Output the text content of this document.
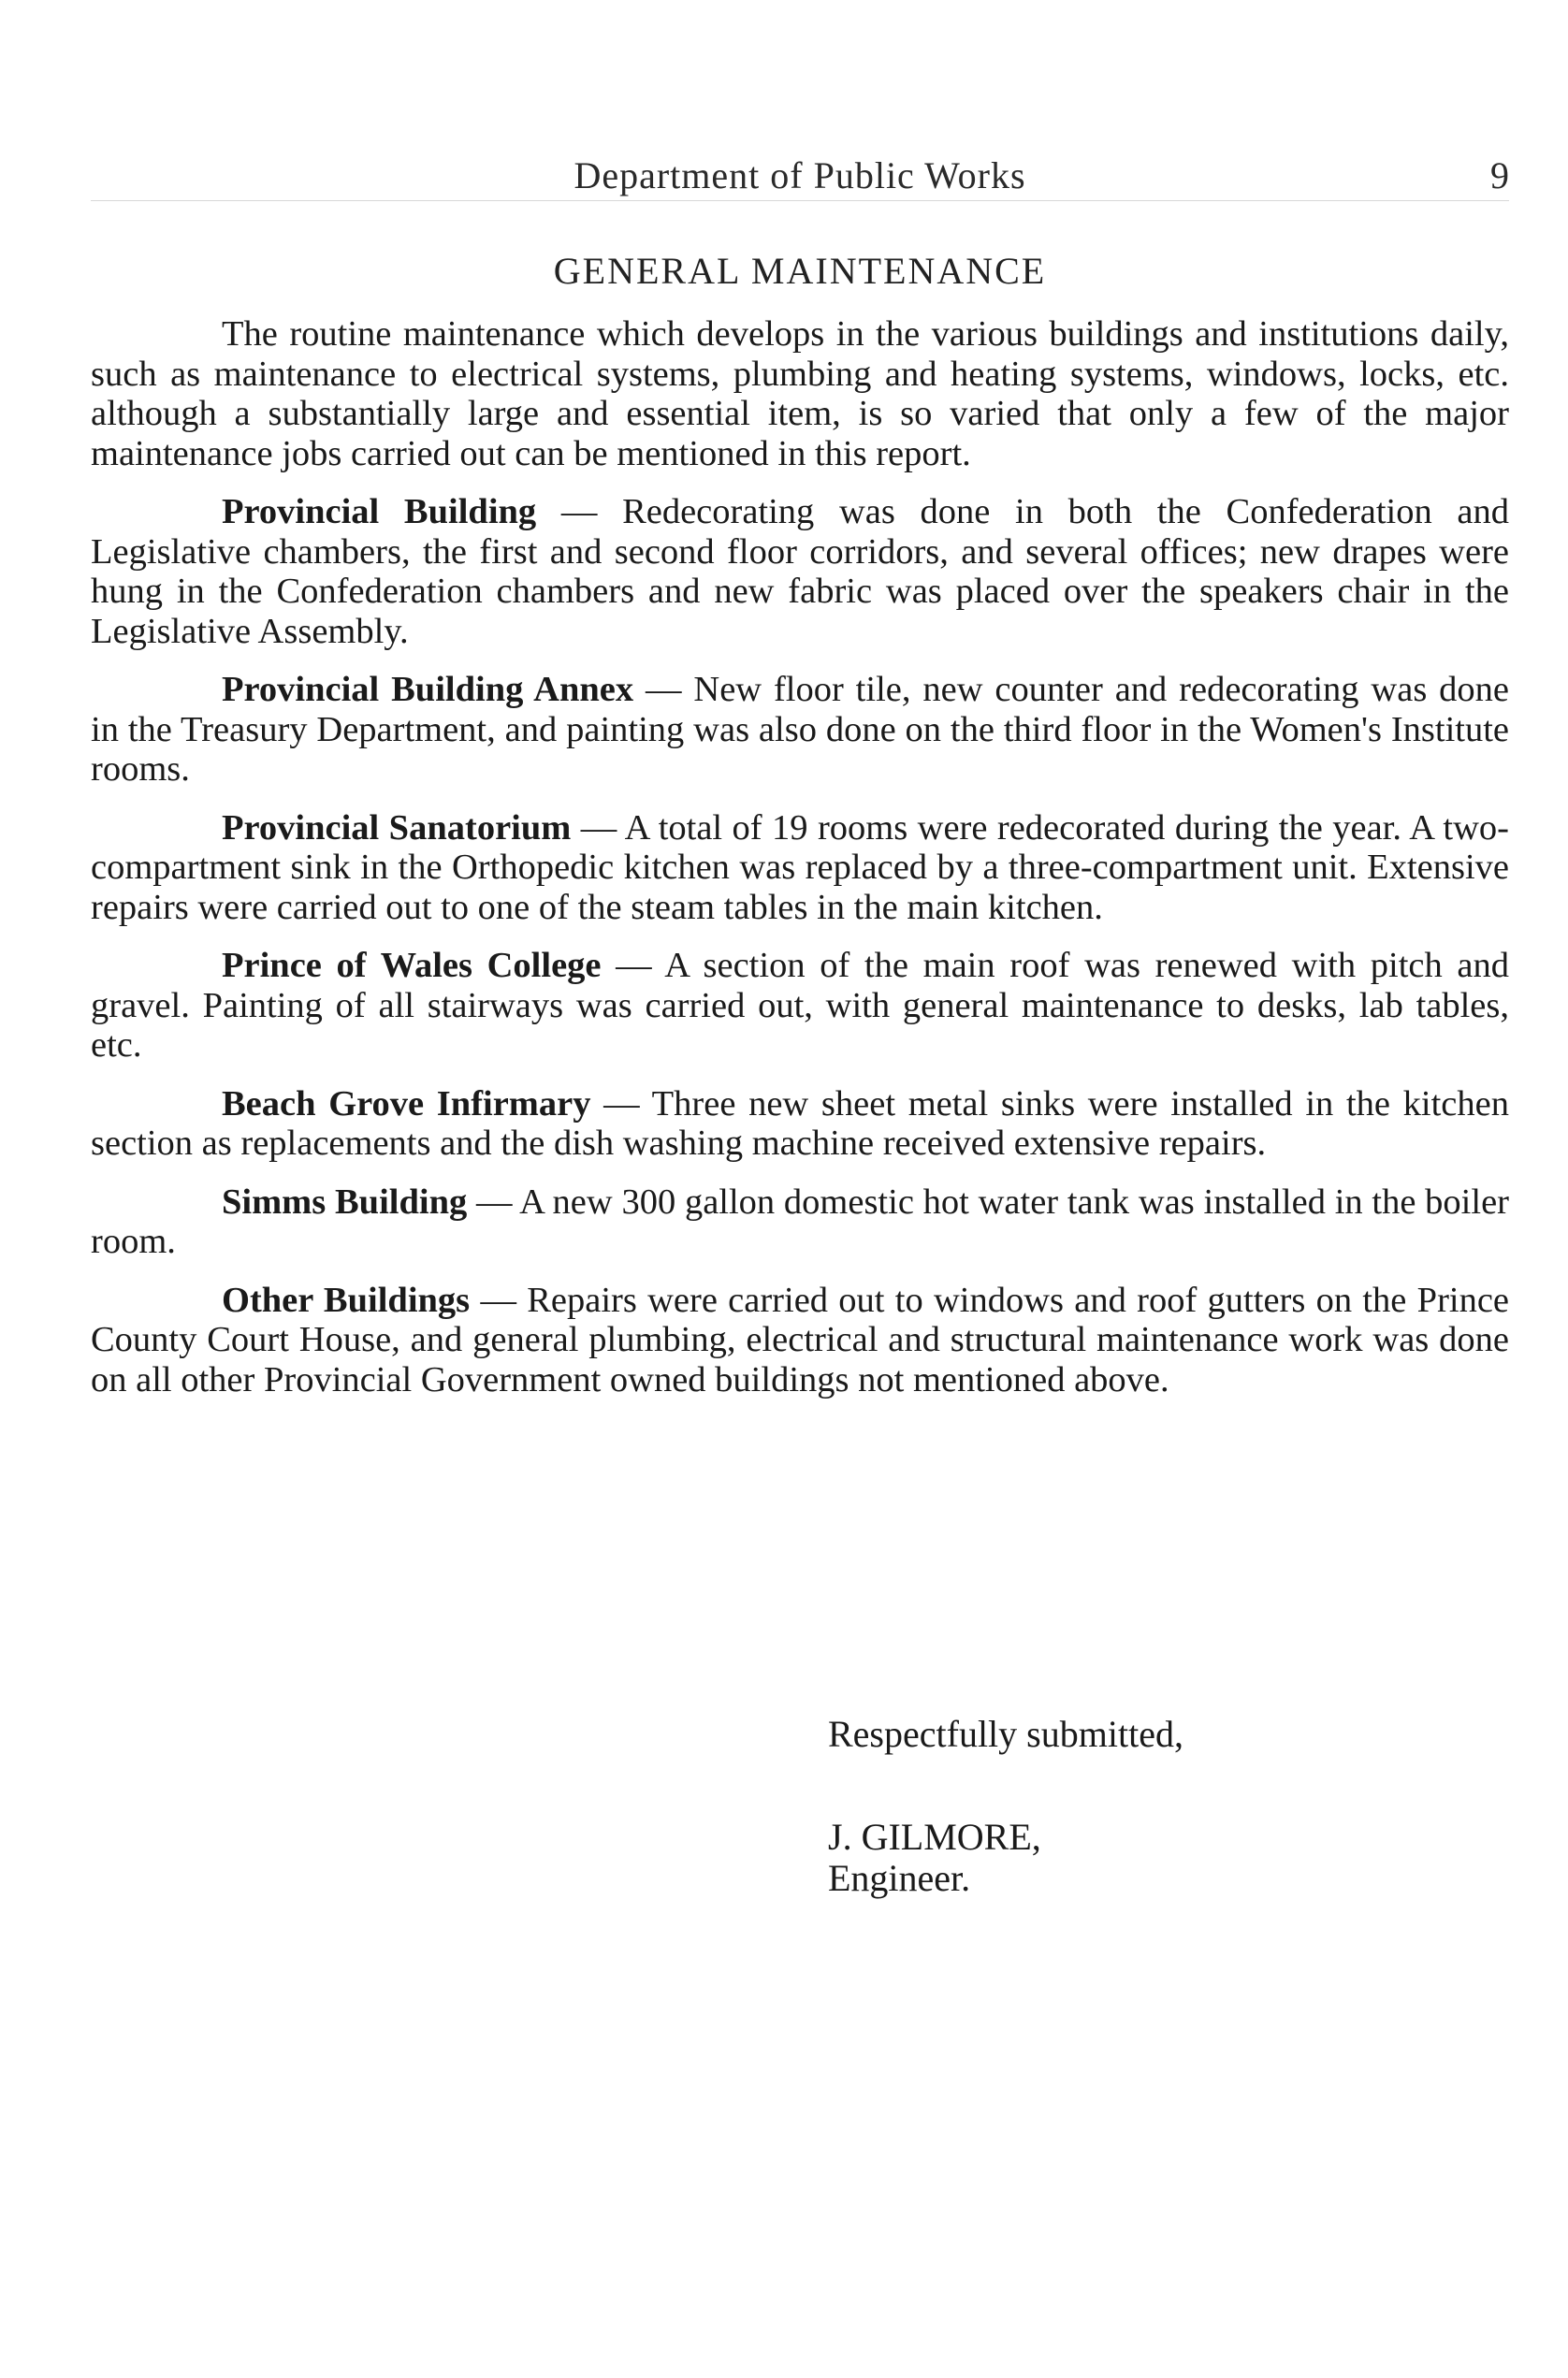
Department of Public Works	9
GENERAL MAINTENANCE

The routine maintenance which develops in the various buildings and institutions daily, such as maintenance to electrical systems, plumbing and heating systems, windows, locks, etc. although a substantially large and essential item, is so varied that only a few of the major maintenance jobs carried out can be mentioned in this report.

Provincial Building — Redecorating was done in both the Confederation and Legislative chambers, the first and second floor corridors, and several offices; new drapes were hung in the Confederation chambers and new fabric was placed over the speakers chair in the Legislative Assembly.

Provincial Building Annex — New floor tile, new counter and redecorating was done in the Treasury Department, and painting was also done on the third floor in the Women's Institute rooms.

Provincial Sanatorium — A total of 19 rooms were redecorated during the year. A two-compartment sink in the Orthopedic kitchen was replaced by a three-compartment unit. Extensive repairs were carried out to one of the steam tables in the main kitchen.

Prince of Wales College — A section of the main roof was renewed with pitch and gravel. Painting of all stairways was carried out, with general maintenance to desks, lab tables, etc.

Beach Grove Infirmary — Three new sheet metal sinks were installed in the kitchen section as replacements and the dish washing machine received extensive repairs.

Simms Building — A new 300 gallon domestic hot water tank was installed in the boiler room.

Other Buildings — Repairs were carried out to windows and roof gutters on the Prince County Court House, and general plumbing, electrical and structural maintenance work was done on all other Provincial Government owned buildings not mentioned above.

Respectfully submitted,
J. GILMORE,
Engineer.
